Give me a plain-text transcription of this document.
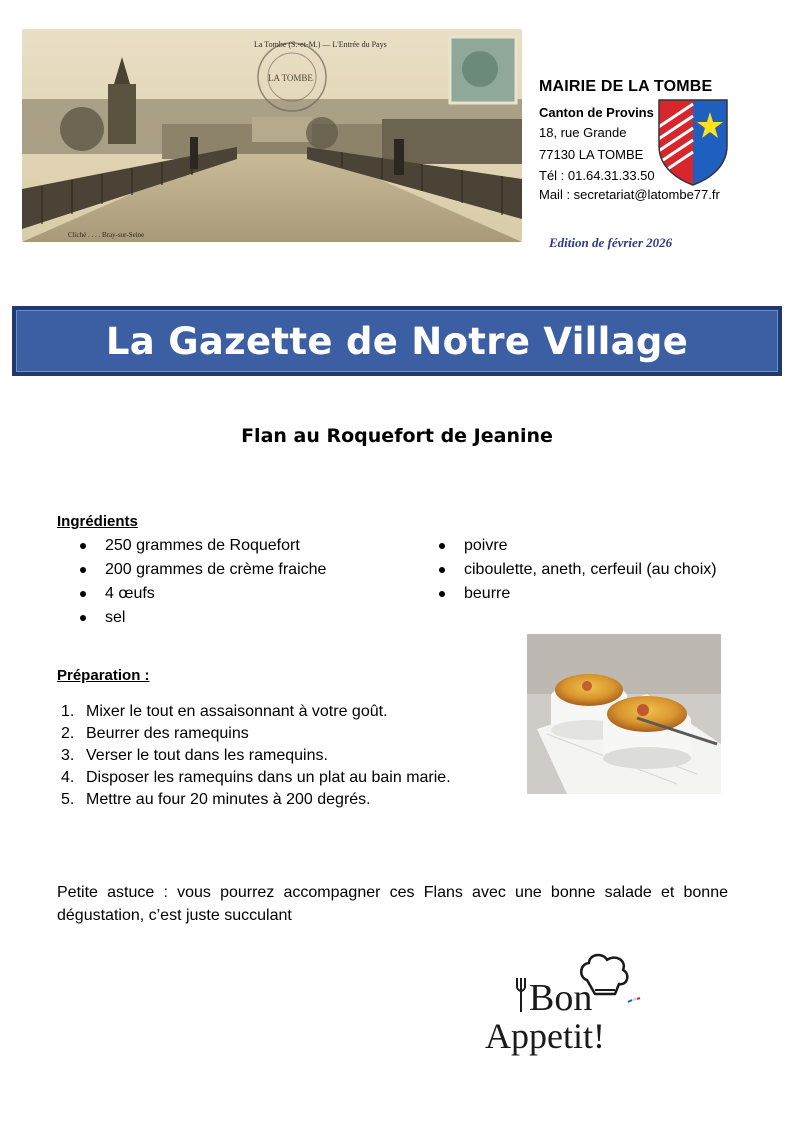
LA TOMBE
La Tombe (S.-et-M.) — L'Entrée du Pays
Cliché . . . . Bray-sur-Seine
MAIRIE DE LA TOMBE
Canton de Provins
18, rue Grande
77130 LA TOMBE
Tél : 01.64.31.33.50
Mail : secretariat@latombe77.fr
Edition de février 2026
La Gazette de Notre Village
Flan au Roquefort de Jeanine
Ingrédients
250 grammes de Roquefort
200 grammes de crème fraiche
4 œufs
sel
poivre
ciboulette, aneth, cerfeuil (au choix)
beurre
Préparation :
1. Mixer le tout en assaisonnant à votre goût.
2. Beurrer des ramequins
3. Verser le tout dans les ramequins.
4. Disposer les ramequins dans un plat au bain marie.
5. Mettre au four 20 minutes à 200 degrés.
Petite astuce : vous pourrez accompagner ces Flans avec une bonne salade et bonne dégustation, c’est juste succulant
Bon
Appetit!
